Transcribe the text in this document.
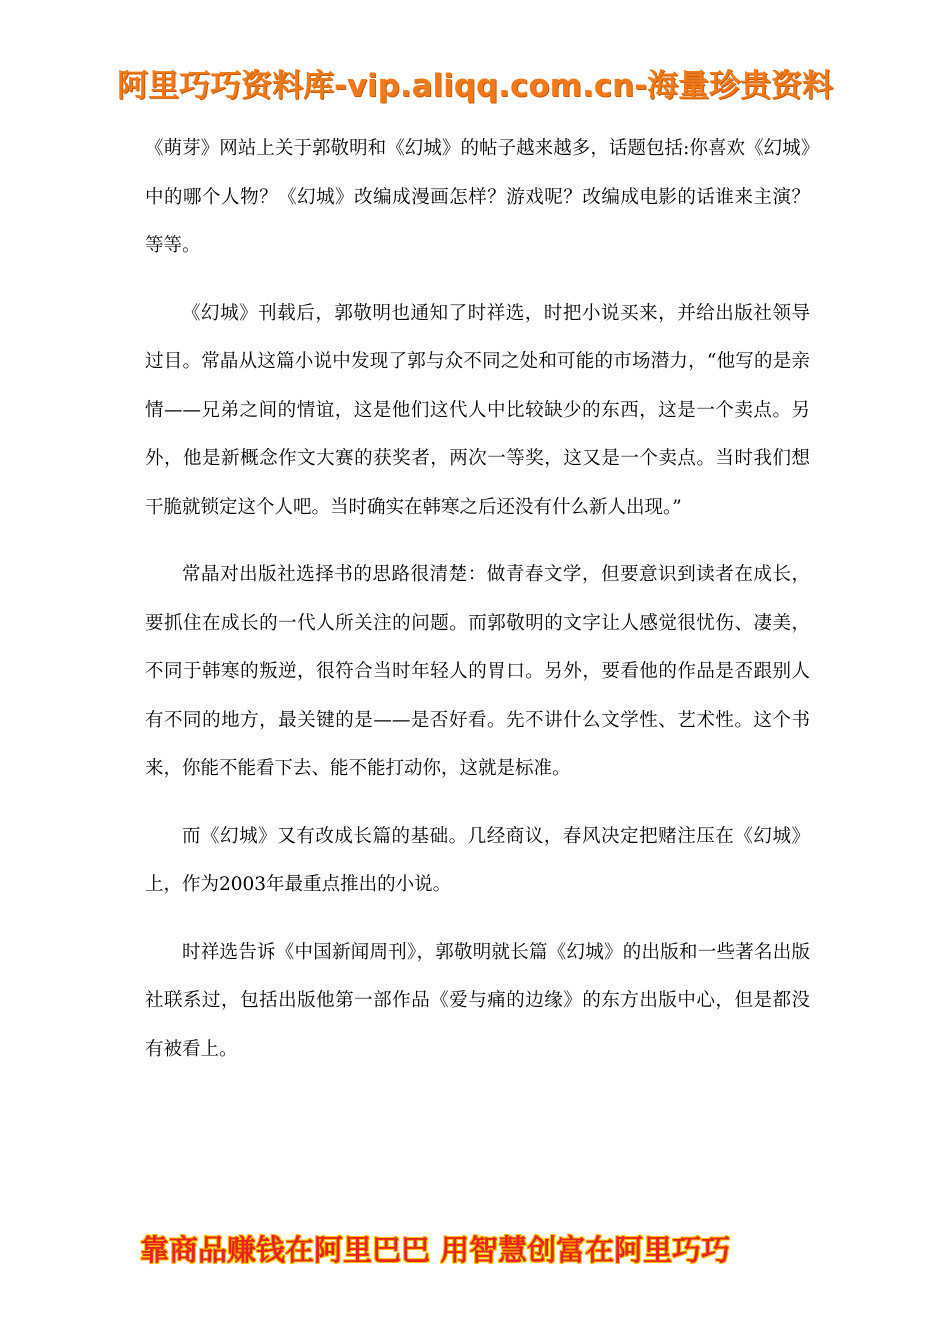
阿里巧巧资料库-vip.aliqq.com.cn-海量珍贵资料

《萌芽》网站上关于郭敬明和《幻城》的帖子越来越多，话题包括:你喜欢《幻城》中的哪个人物？《幻城》改编成漫画怎样？游戏呢？改编成电影的话谁来主演？等等。

《幻城》刊载后，郭敬明也通知了时祥选，时把小说买来，并给出版社领导过目。常晶从这篇小说中发现了郭与众不同之处和可能的市场潜力，“他写的是亲情——兄弟之间的情谊，这是他们这代人中比较缺少的东西，这是一个卖点。另外，他是新概念作文大赛的获奖者，两次一等奖，这又是一个卖点。当时我们想干脆就锁定这个人吧。当时确实在韩寒之后还没有什么新人出现。”

常晶对出版社选择书的思路很清楚：做青春文学，但要意识到读者在成长，要抓住在成长的一代人所关注的问题。而郭敬明的文字让人感觉很忧伤、凄美，不同于韩寒的叛逆，很符合当时年轻人的胃口。另外，要看他的作品是否跟别人有不同的地方，最关键的是——是否好看。先不讲什么文学性、艺术性。这个书来，你能不能看下去、能不能打动你，这就是标准。

而《幻城》又有改成长篇的基础。几经商议，春风决定把赌注压在《幻城》上，作为2003年最重点推出的小说。

时祥选告诉《中国新闻周刊》，郭敬明就长篇《幻城》的出版和一些著名出版社联系过，包括出版他第一部作品《爱与痛的边缘》的东方出版中心，但是都没有被看上。

靠商品赚钱在阿里巴巴 用智慧创富在阿里巧巧
